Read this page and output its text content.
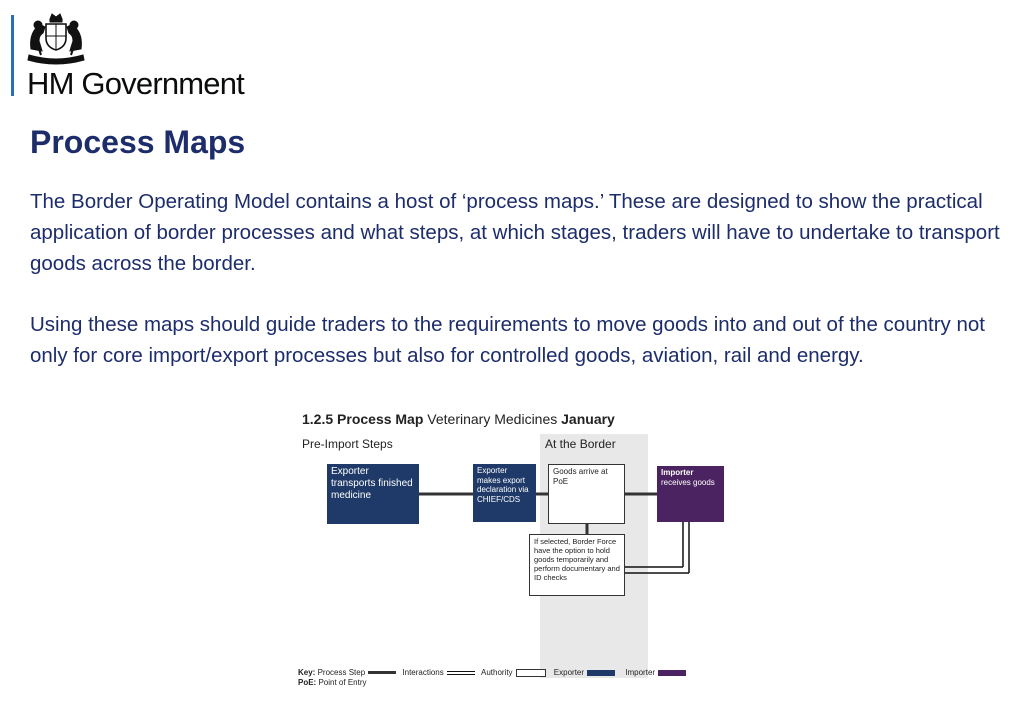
HM Government
Process Maps

The Border Operating Model contains a host of ‘process maps.’ These are designed to show the practical application of border processes and what steps, at which stages, traders will have to undertake to transport goods across the border.

Using these maps should guide traders to the requirements to move goods into and out of the country not only for core import/export processes but also for controlled goods, aviation, rail and energy.

1.2.5 Process Map Veterinary Medicines January
Pre-Import Steps	At the Border
Exporter transports finished medicine
Exporter makes export declaration via CHIEF/CDS
Goods arrive at PoE
Importer
receives goods
If selected, Border Force have the option to hold goods temporarily and perform documentary and ID checks
Key:
Process Step
	Interactions
	Authority
	Exporter
	Importer
PoE: Point of Entry
